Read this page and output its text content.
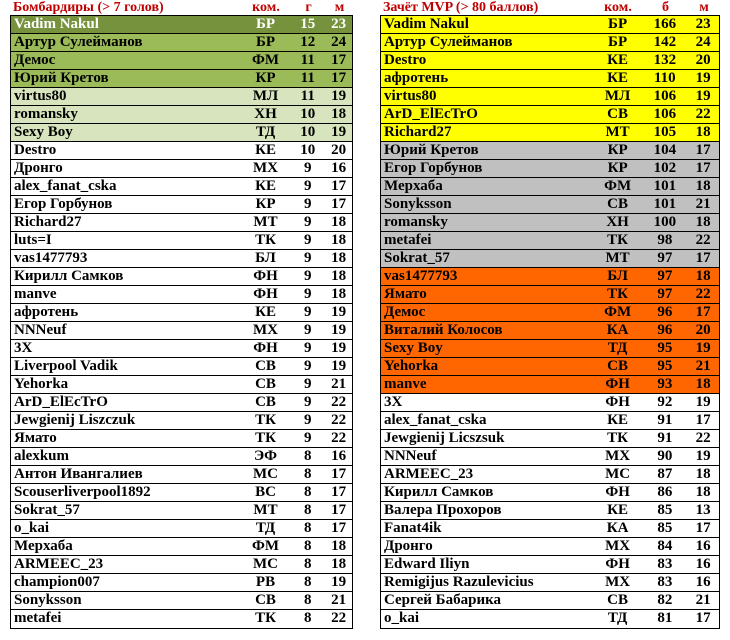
Бомбардиры (> 7 голов)	ком.	г	м
Vadim Nakul	БР	15	23
Артур Сулейманов	БР	12	24
Демос	ФМ	11	17
Юрий Кретов	КР	11	17
virtus80	МЛ	11	19
romansky	ХН	10	18
Sexy Boy	ТД	10	19
Destro	КЕ	10	20
Дронго	МХ	9	16
alex_fanat_cska	КЕ	9	17
Егор Горбунов	КР	9	17
Richard27	МТ	9	18
luts=I	ТК	9	18
vas1477793	БЛ	9	18
Кирилл Самков	ФН	9	18
manve	ФН	9	18
афротень	КЕ	9	19
NNNeuf	МХ	9	19
3X	ФН	9	19
Liverpool Vadik	СВ	9	19
Yehorka	СВ	9	21
ArD_ElEcTrO	СВ	9	22
Jewgienij Liszczuk	ТК	9	22
Ямато	ТК	9	22
alexkum	ЭФ	8	16
Антон Ивангалиев	МС	8	17
Scouserliverpool1892	ВС	8	17
Sokrat_57	МТ	8	17
o_kai	ТД	8	17
Мерхаба	ФМ	8	18
ARMEEC_23	МС	8	18
champion007	РВ	8	19
Sonyksson	СВ	8	21
metafei	ТК	8	22
Зачёт MVP (> 80 баллов)	ком.	б	м
Vadim Nakul	БР	166	23
Артур Сулейманов	БР	142	24
Destro	КЕ	132	20
афротень	КЕ	110	19
virtus80	МЛ	106	19
ArD_ElEcTrO	СВ	106	22
Richard27	МТ	105	18
Юрий Кретов	КР	104	17
Егор Горбунов	КР	102	17
Мерхаба	ФМ	101	18
Sonyksson	СВ	101	21
romansky	ХН	100	18
metafei	ТК	98	22
Sokrat_57	МТ	97	17
vas1477793	БЛ	97	18
Ямато	ТК	97	22
Демос	ФМ	96	17
Виталий Колосов	КА	96	20
Sexy Boy	ТД	95	19
Yehorka	СВ	95	21
manve	ФН	93	18
3X	ФН	92	19
alex_fanat_cska	КЕ	91	17
Jewgienij Licszsuk	ТК	91	22
NNNeuf	МХ	90	19
ARMEEC_23	МС	87	18
Кирилл Самков	ФН	86	18
Валера Прохоров	КЕ	85	13
Fanat4ik	КА	85	17
Дронго	МХ	84	16
Edward Iliyn	ФН	83	16
Remigijus Razulevicius	МХ	83	16
Сергей Бабарика	СВ	82	21
o_kai	ТД	81	17
